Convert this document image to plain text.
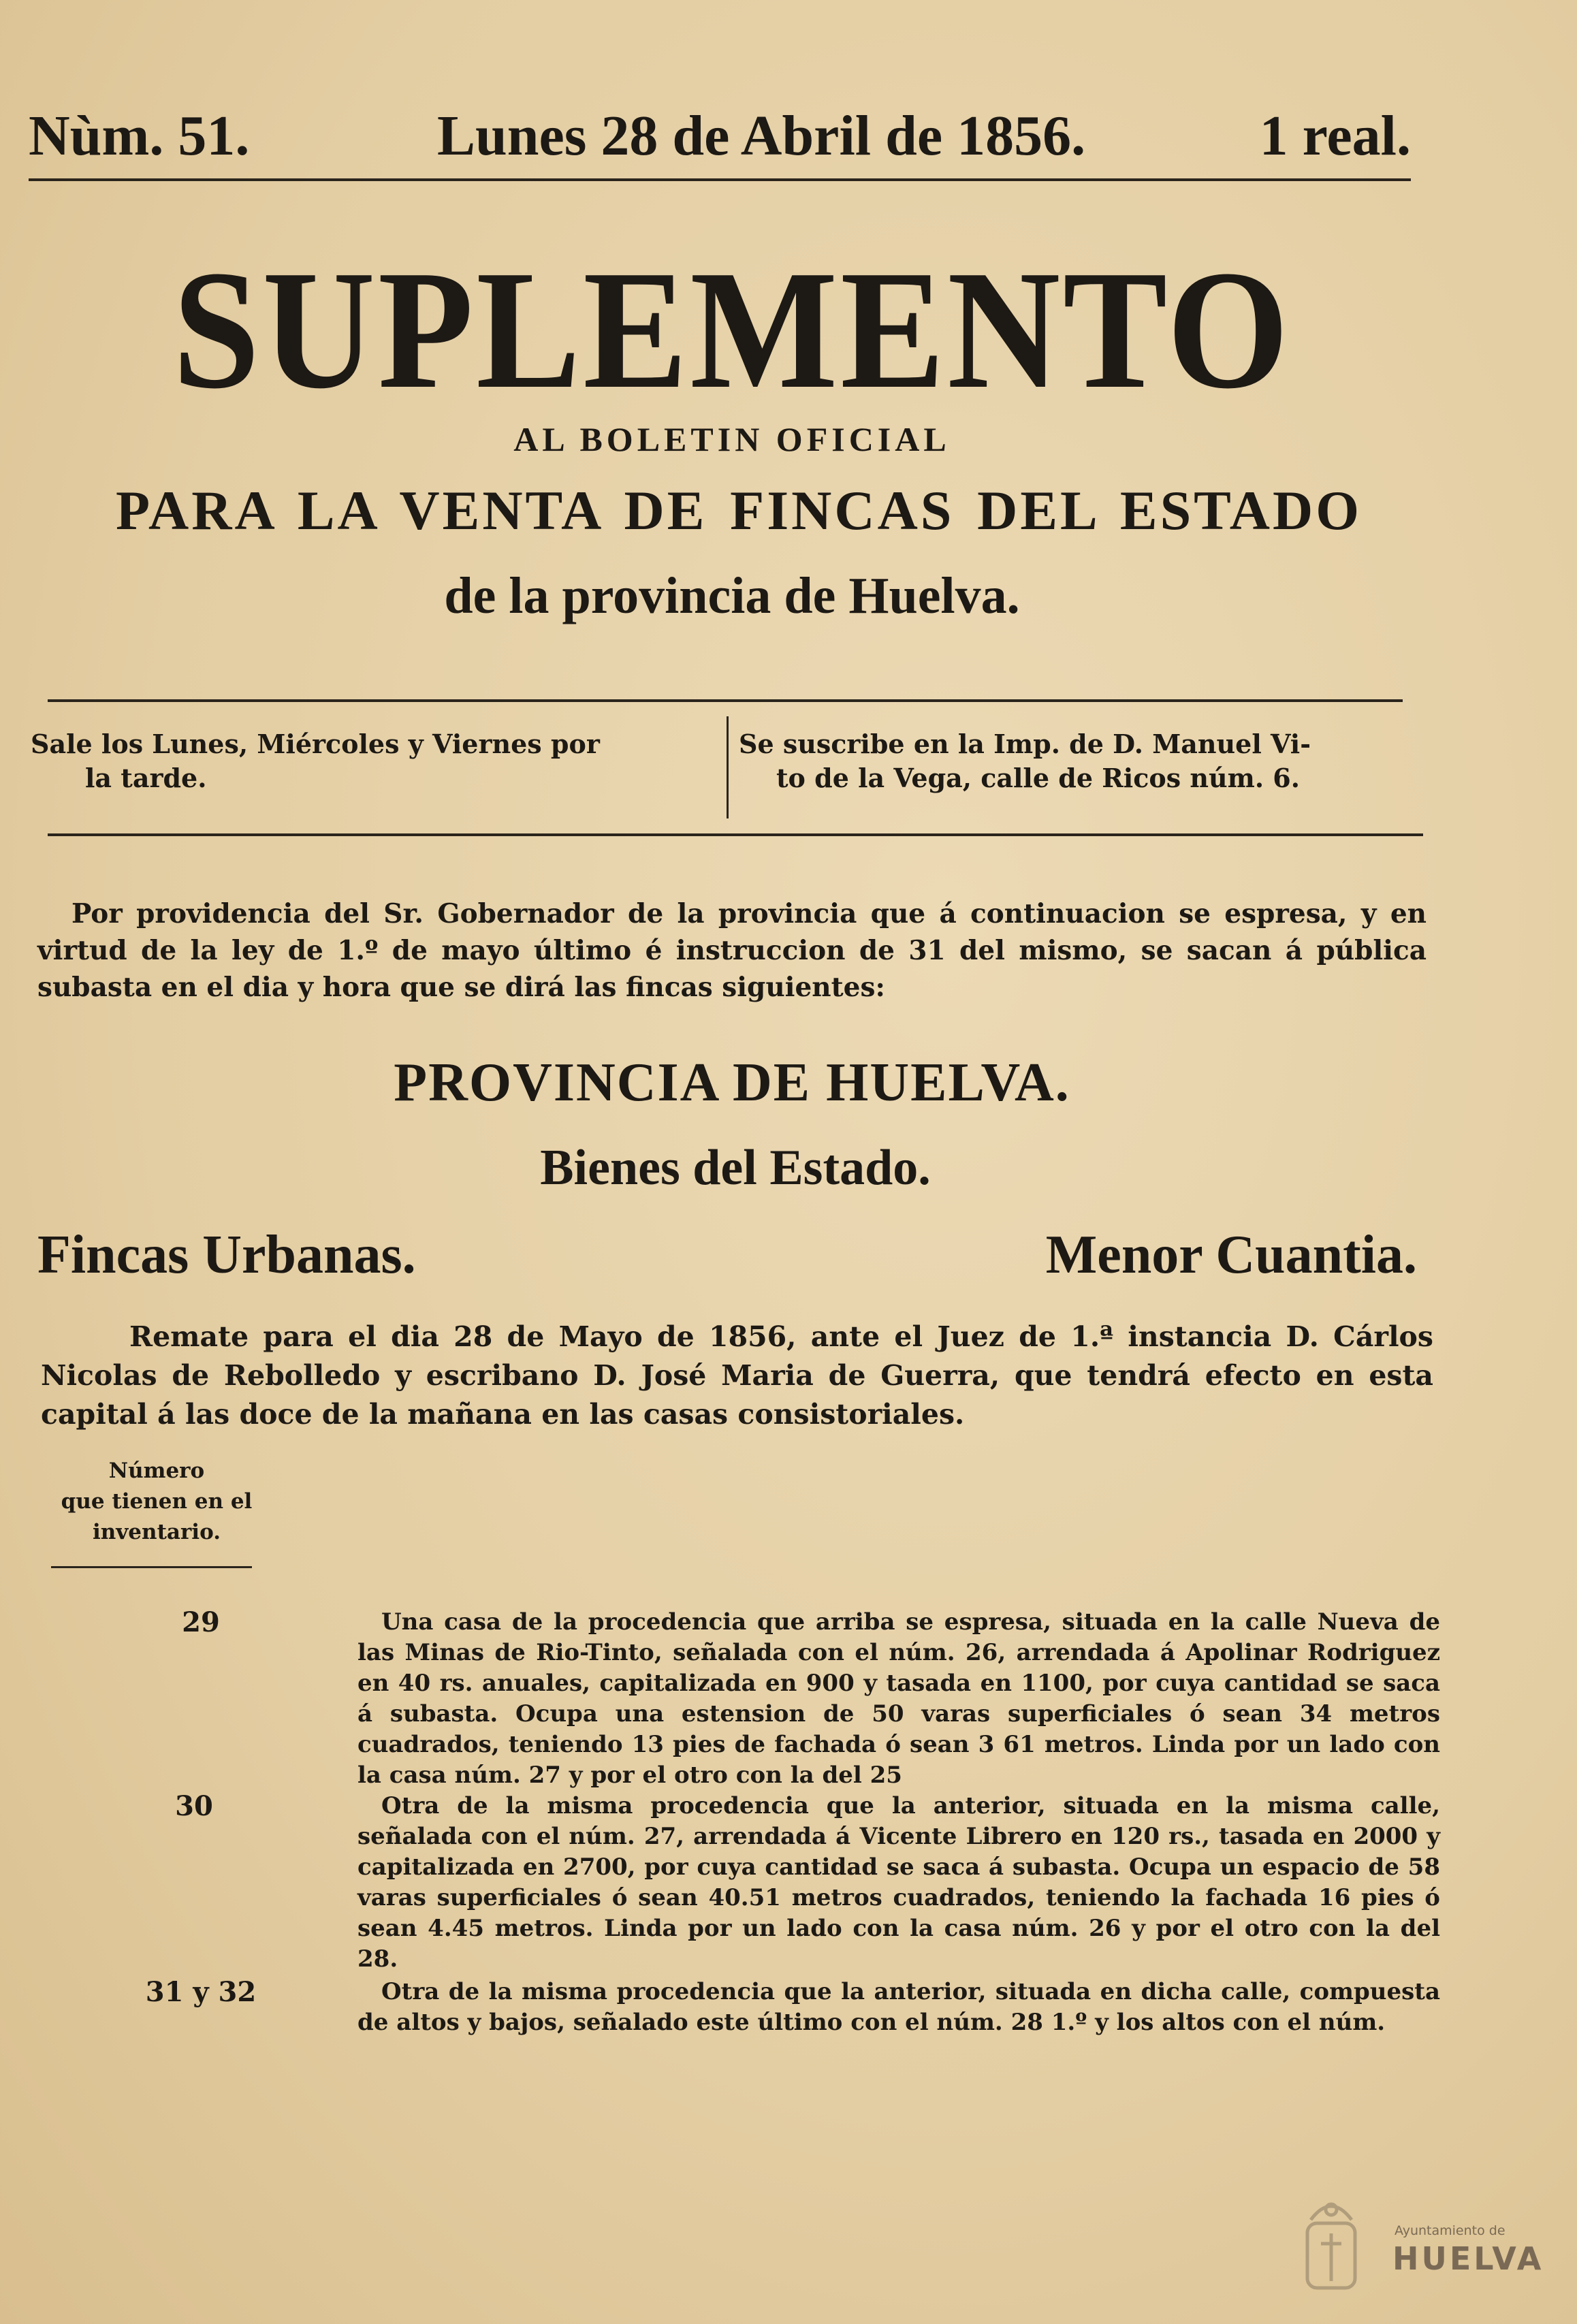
Nùm. 51.	Lunes 28 de Abril de 1856.	1 real.
SUPLEMENTO
AL BOLETIN OFICIAL
PARA LA VENTA DE FINCAS DEL ESTADO
de la provincia de Huelva.
Sale los Lunes, Miércoles y Viernes por
la tarde.
Se suscribe en la Imp. de D. Manuel Vi-
to de la Vega, calle de Ricos núm. 6.
Por providencia del Sr. Gobernador de la provincia que á continuacion se espresa, y en virtud de la ley de 1.º de mayo último é instruccion de 31 del mismo, se sacan á pública subasta en el dia y hora que se dirá las fincas siguientes:
PROVINCIA DE HUELVA.
Bienes del Estado.
Fincas Urbanas.	Menor Cuantia.
Remate para el dia 28 de Mayo de 1856, ante el Juez de 1.ª instancia D. Cárlos Nicolas de Rebolledo y escribano D. José Maria de Guerra, que tendrá efecto en esta capital á las doce de la mañana en las casas consistoriales.
Número
que tienen en el
inventario.
29	Una casa de la procedencia que arriba se espresa, situada en la calle Nueva de las Minas de Rio-Tinto, señalada con el núm. 26, arrendada á Apolinar Rodriguez en 40 rs. anuales, capitalizada en 900 y tasada en 1100, por cuya cantidad se saca á subasta. Ocupa una estension de 50 varas superficiales ó sean 34 metros cuadrados, teniendo 13 pies de fachada ó sean 3 61 metros. Linda por un lado con la casa núm. 27 y por el otro con la del 25
30	Otra de la misma procedencia que la anterior, situada en la misma calle, señalada con el núm. 27, arrendada á Vicente Librero en 120 rs., tasada en 2000 y capitalizada en 2700, por cuya cantidad se saca á subasta. Ocupa un espacio de 58 varas superficiales ó sean 40.51 metros cuadrados, teniendo la fachada 16 pies ó sean 4.45 metros. Linda por un lado con la casa núm. 26 y por el otro con la del 28.
31 y 32	Otra de la misma procedencia que la anterior, situada en dicha calle, compuesta de altos y bajos, señalado este último con el núm. 28 1.º y los altos con el núm.
Ayuntamiento de
HUELVA
